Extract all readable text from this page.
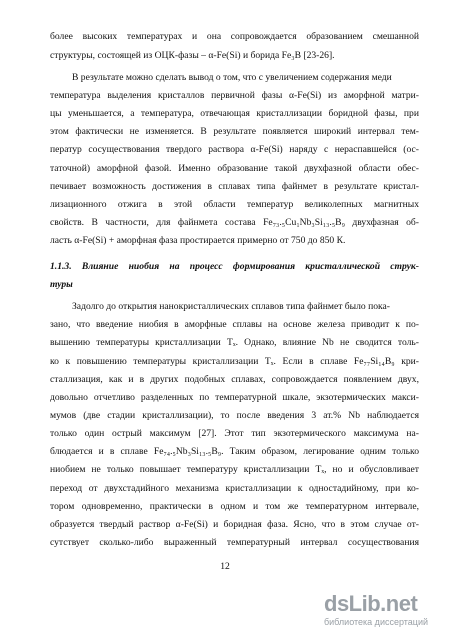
более высоких температурах и она сопровождается образованием смешанной
структуры, состоящей из ОЦК-фазы – α-Fe(Si) и борида Fe₃B [23-26].
В результате можно сделать вывод о том, что с увеличением содержания меди
температура выделения кристаллов первичной фазы α-Fe(Si) из аморфной матри-
цы уменьшается, а температура, отвечающая кристаллизации боридной фазы, при
этом фактически не изменяется. В результате появляется широкий интервал тем-
ператур сосуществования твердого раствора α-Fe(Si) наряду с нераспавшейся (ос-
таточной) аморфной фазой. Именно образование такой двухфазной области обес-
печивает возможность достижения в сплавах типа файнмет в результате кристал-
лизационного отжига в этой области температур великолепных магнитных
свойств. В частности, для файнмета состава Fe₇₃.₅Cu₁Nb₃Si₁₃.₅B₉ двухфазная об-
ласть α-Fe(Si) + аморфная фаза простирается примерно от 750 до 850 К.
1.1.3. Влияние ниобия на процесс формирования кристаллической струк-
туры
Задолго до открытия нанокристаллических сплавов типа файнмет было пока-
зано, что введение ниобия в аморфные сплавы на основе железа приводит к по-
вышению температуры кристаллизации Tₓ. Однако, влияние Nb не сводится толь-
ко к повышению температуры кристаллизации Tₓ. Если в сплаве Fe₇₇Si₁₄B₉ кри-
сталлизация, как и в других подобных сплавах, сопровождается появлением двух,
довольно отчетливо разделенных по температурной шкале, экзотермических макси-
мумов (две стадии кристаллизации), то после введения 3 ат.% Nb наблюдается
только один острый максимум [27]. Этот тип экзотермического максимума на-
блюдается и в сплаве Fe₇₄.₅Nb₃Si₁₃.₅B₉. Таким образом, легирование одним только
ниобием не только повышает температуру кристаллизации Tₓ, но и обусловливает
переход от двухстадийного механизма кристаллизации к одностадийному, при ко-
тором одновременно, практически в одном и том же температурном интервале,
образуется твердый раствор α-Fe(Si) и боридная фаза. Ясно, что в этом случае от-
сутствует сколько-либо выраженный температурный интервал сосуществования
12
dsLib.net
библиотека диссертаций
